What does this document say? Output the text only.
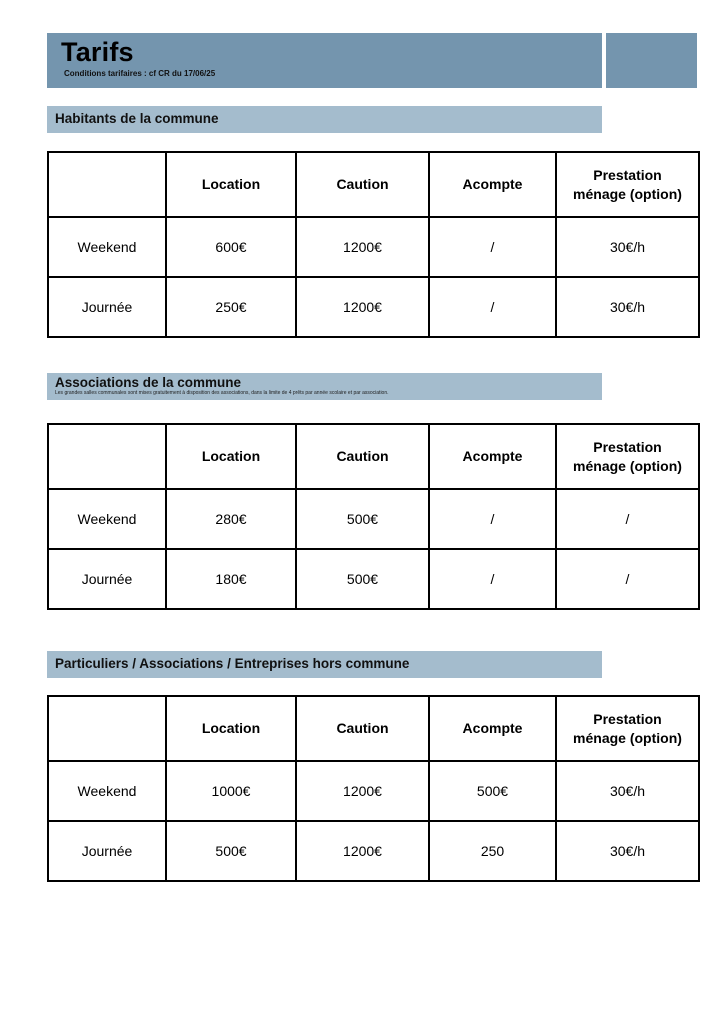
Tarifs
Conditions tarifaires : cf CR du 17/06/25
Habitants de la commune
	Location	Caution	Acompte	Prestation
ménage (option)
Weekend	600€	1200€	/	30€/h
Journée	250€	1200€	/	30€/h
Associations de la commune
Les grandes salles communales sont mises gratuitement à disposition des associations, dans la limite de 4 prêts par année scolaire et par association.
	Location	Caution	Acompte	Prestation
ménage (option)
Weekend	280€	500€	/	/
Journée	180€	500€	/	/
Particuliers / Associations / Entreprises hors commune
	Location	Caution	Acompte	Prestation
ménage (option)
Weekend	1000€	1200€	500€	30€/h
Journée	500€	1200€	250	30€/h
